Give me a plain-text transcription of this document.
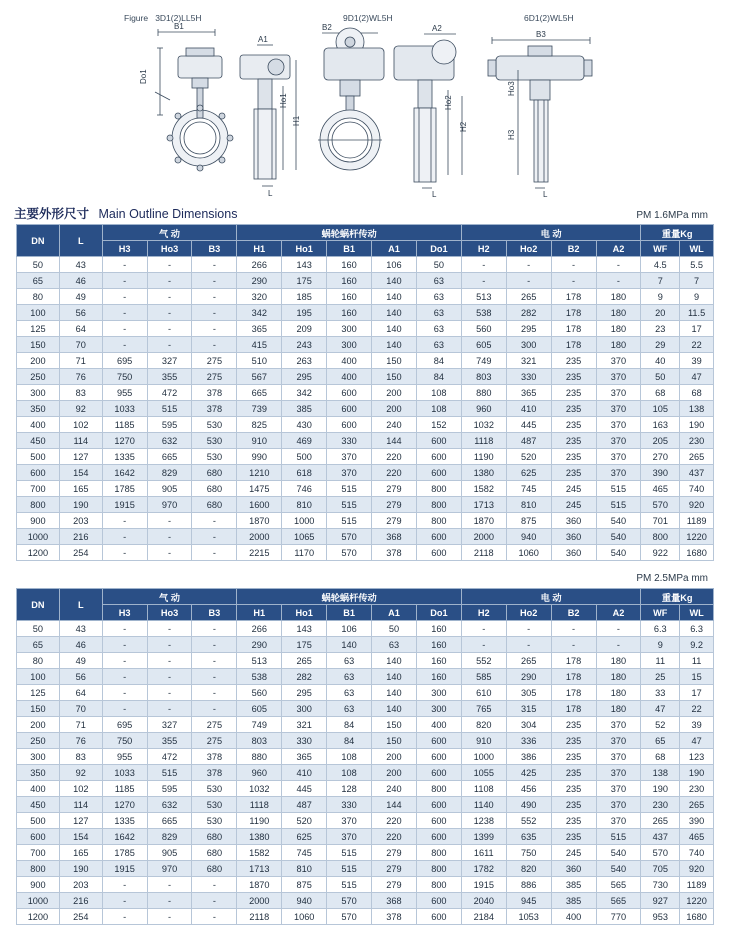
Figure 3D1(2)LL5H	9D1(2)WL5H	6D1(2)WL5H
B1
A1
Do1
Ho1
H1
L
B2	A2
Ho2
H2
L
B3
Ho3
H3
L
主要外形尺寸 Main Outline Dimensions	PM 1.6MPa mm
DN	L	气 动			蜗轮蜗杆传动					电 动				重量Kg	
		H3	Ho3	B3	H1	Ho1	B1	A1	Do1	H2	Ho2	B2	A2	WF	WL
50	43	-	-	-	266	143	160	106	50	-	-	-	-	4.5	5.5
65	46	-	-	-	290	175	160	140	63	-	-	-	-	7	7
80	49	-	-	-	320	185	160	140	63	513	265	178	180	9	9
100	56	-	-	-	342	195	160	140	63	538	282	178	180	20	11.5
125	64	-	-	-	365	209	300	140	63	560	295	178	180	23	17
150	70	-	-	-	415	243	300	140	63	605	300	178	180	29	22
200	71	695	327	275	510	263	400	150	84	749	321	235	370	40	39
250	76	750	355	275	567	295	400	150	84	803	330	235	370	50	47
300	83	955	472	378	665	342	600	200	108	880	365	235	370	68	68
350	92	1033	515	378	739	385	600	200	108	960	410	235	370	105	138
400	102	1185	595	530	825	430	600	240	152	1032	445	235	370	163	190
450	114	1270	632	530	910	469	330	144	600	1118	487	235	370	205	230
500	127	1335	665	530	990	500	370	220	600	1190	520	235	370	270	265
600	154	1642	829	680	1210	618	370	220	600	1380	625	235	370	390	437
700	165	1785	905	680	1475	746	515	279	800	1582	745	245	515	465	740
800	190	1915	970	680	1600	810	515	279	800	1713	810	245	515	570	920
900	203	-	-	-	1870	1000	515	279	800	1870	875	360	540	701	1189
1000	216	-	-	-	2000	1065	570	368	600	2000	940	360	540	800	1220
1200	254	-	-	-	2215	1170	570	378	600	2118	1060	360	540	922	1680
PM 2.5MPa mm
DN	L	气 动			蜗轮蜗杆传动					电 动				重量Kg	
		H3	Ho3	B3	H1	Ho1	B1	A1	Do1	H2	Ho2	B2	A2	WF	WL
50	43	-	-	-	266	143	106	50	160	-	-	-	-	6.3	6.3
65	46	-	-	-	290	175	140	63	160	-	-	-	-	9	9.2
80	49	-	-	-	513	265	63	140	160	552	265	178	180	11	11
100	56	-	-	-	538	282	63	140	160	585	290	178	180	25	15
125	64	-	-	-	560	295	63	140	300	610	305	178	180	33	17
150	70	-	-	-	605	300	63	140	300	765	315	178	180	47	22
200	71	695	327	275	749	321	84	150	400	820	304	235	370	52	39
250	76	750	355	275	803	330	84	150	600	910	336	235	370	65	47
300	83	955	472	378	880	365	108	200	600	1000	386	235	370	68	123
350	92	1033	515	378	960	410	108	200	600	1055	425	235	370	138	190
400	102	1185	595	530	1032	445	128	240	800	1108	456	235	370	190	230
450	114	1270	632	530	1118	487	330	144	600	1140	490	235	370	230	265
500	127	1335	665	530	1190	520	370	220	600	1238	552	235	370	265	390
600	154	1642	829	680	1380	625	370	220	600	1399	635	235	515	437	465
700	165	1785	905	680	1582	745	515	279	800	1611	750	245	540	570	740
800	190	1915	970	680	1713	810	515	279	800	1782	820	360	540	705	920
900	203	-	-	-	1870	875	515	279	800	1915	886	385	565	730	1189
1000	216	-	-	-	2000	940	570	368	600	2040	945	385	565	927	1220
1200	254	-	-	-	2118	1060	570	378	600	2184	1053	400	770	953	1680
